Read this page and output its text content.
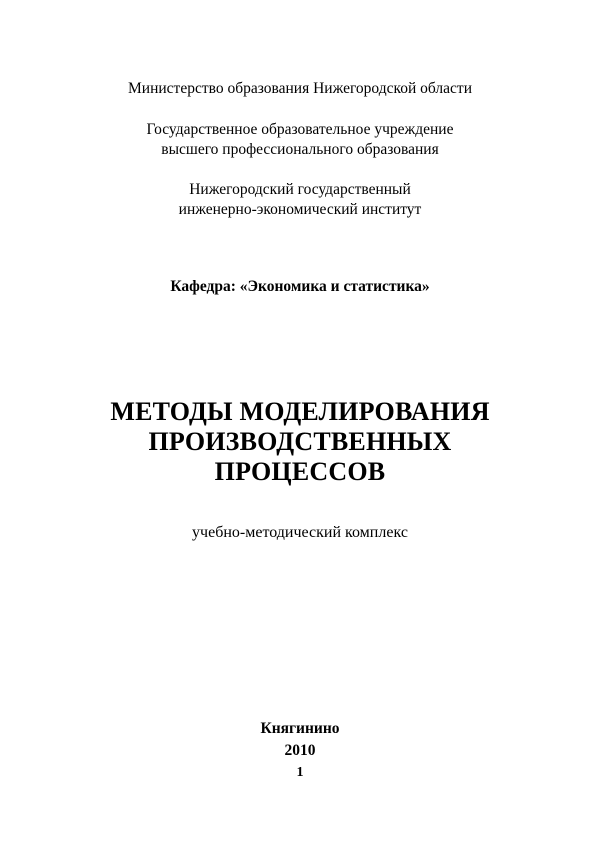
Министерство образования Нижегородской области
Государственное образовательное учреждение
высшего профессионального образования
Нижегородский государственный
инженерно-экономический институт
Кафедра: «Экономика и статистика»
МЕТОДЫ МОДЕЛИРОВАНИЯ
ПРОИЗВОДСТВЕННЫХ
ПРОЦЕССОВ
учебно-методический комплекс
Княгинино
2010
1
